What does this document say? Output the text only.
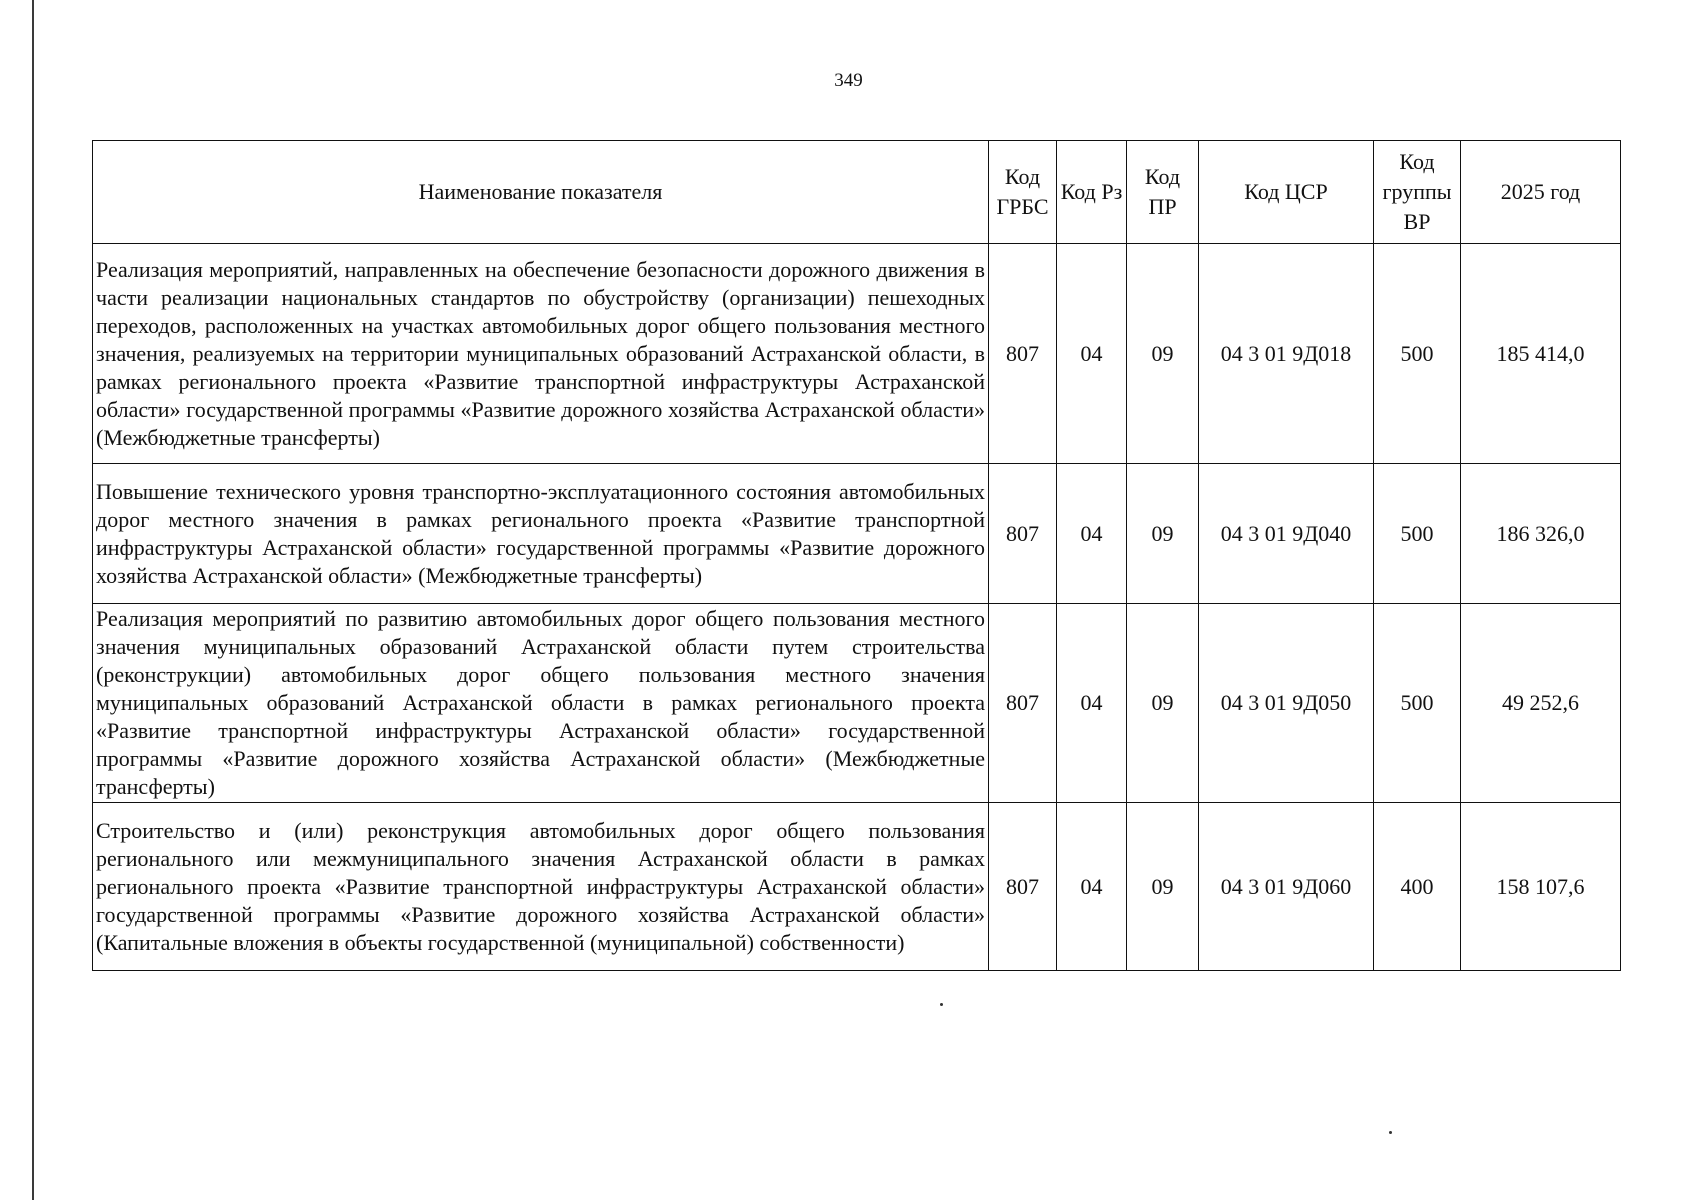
349
Наименование показателя	Код ГРБС	Код Рз	Код ПР	Код ЦСР	Код группы ВР	2025 год
Реализация мероприятий, направленных на обеспечение безопасности дорожного движения в части реализации национальных стандартов по обустройству (организации) пешеходных переходов, расположенных на участках автомобильных дорог общего пользования местного значения, реализуемых на территории муниципальных образований Астраханской области, в рамках регионального проекта «Развитие транспортной инфраструктуры Астраханской области» государственной программы «Развитие дорожного хозяйства Астраханской области» (Межбюджетные трансферты)	807	04	09	04 3 01 9Д018	500	185 414,0
Повышение технического уровня транспортно-эксплуатационного состояния автомобильных дорог местного значения в рамках регионального проекта «Развитие транспортной инфраструктуры Астраханской области» государственной программы «Развитие дорожного хозяйства Астраханской области» (Межбюджетные трансферты)	807	04	09	04 3 01 9Д040	500	186 326,0
Реализация мероприятий по развитию автомобильных дорог общего пользования местного значения муниципальных образований Астраханской области путем строительства (реконструкции) автомобильных дорог общего пользования местного значения муниципальных образований Астраханской области в рамках регионального проекта «Развитие транспортной инфраструктуры Астраханской области» государственной программы «Развитие дорожного хозяйства Астраханской области» (Межбюджетные трансферты)	807	04	09	04 3 01 9Д050	500	49 252,6
Строительство и (или) реконструкция автомобильных дорог общего пользования регионального или межмуниципального значения Астраханской области в рамках регионального проекта «Развитие транспортной инфраструктуры Астраханской области» государственной программы «Развитие дорожного хозяйства Астраханской области» (Капитальные вложения в объекты государственной (муниципальной) собственности)	807	04	09	04 3 01 9Д060	400	158 107,6
